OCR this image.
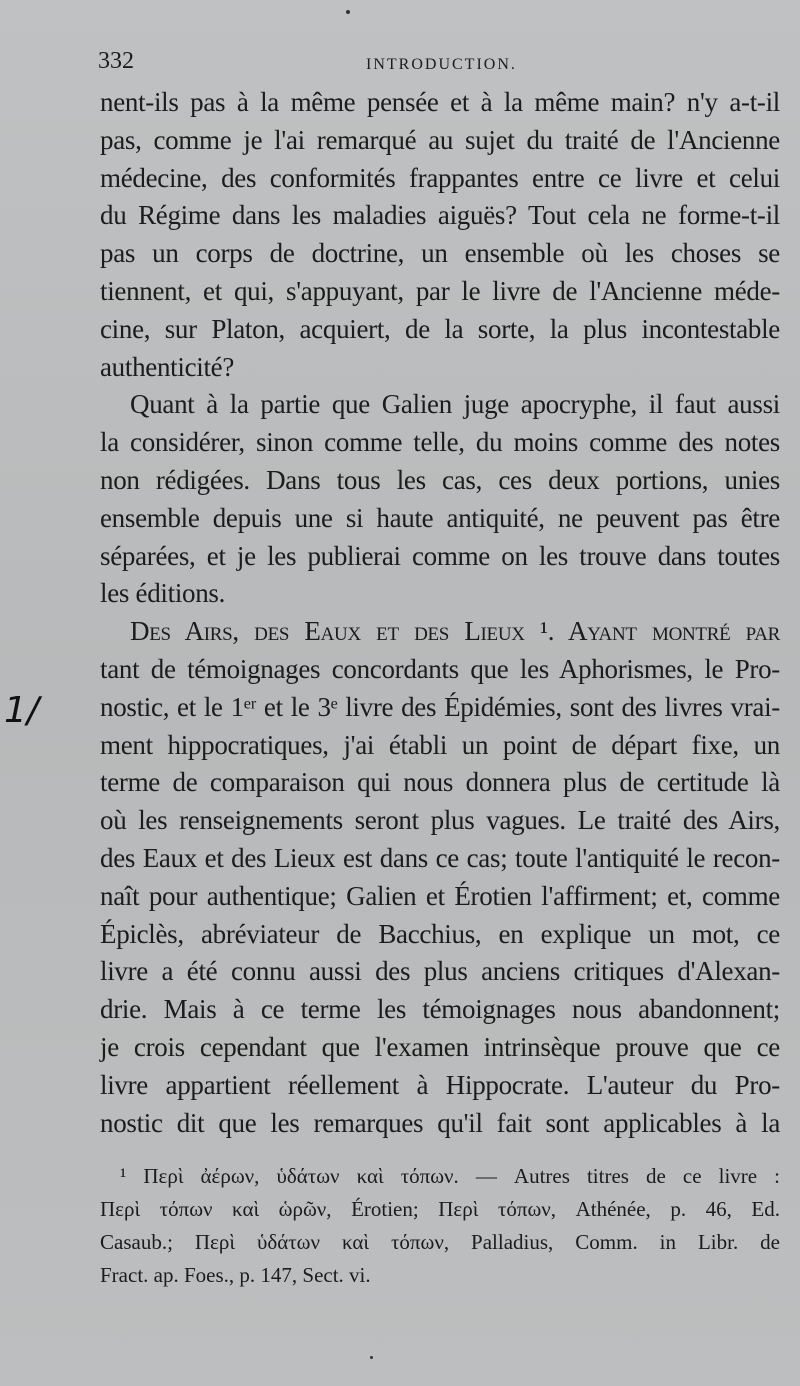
332	INTRODUCTION.
1/
nent-ils pas à la même pensée et à la même main? n'y a-t-il
pas, comme je l'ai remarqué au sujet du traité de l'Ancienne
médecine, des conformités frappantes entre ce livre et celui
du Régime dans les maladies aiguës? Tout cela ne forme-t-il
pas un corps de doctrine, un ensemble où les choses se
tiennent, et qui, s'appuyant, par le livre de l'Ancienne méde-
cine, sur Platon, acquiert, de la sorte, la plus incontestable
authenticité?
Quant à la partie que Galien juge apocryphe, il faut aussi
la considérer, sinon comme telle, du moins comme des notes
non rédigées. Dans tous les cas, ces deux portions, unies
ensemble depuis une si haute antiquité, ne peuvent pas être
séparées, et je les publierai comme on les trouve dans toutes
les éditions.
Des Airs, des Eaux et des Lieux ¹. Ayant montré par
tant de témoignages concordants que les Aphorismes, le Pro-
nostic, et le 1ᵉʳ et le 3ᵉ livre des Épidémies, sont des livres vrai-
ment hippocratiques, j'ai établi un point de départ fixe, un
terme de comparaison qui nous donnera plus de certitude là
où les renseignements seront plus vagues. Le traité des Airs,
des Eaux et des Lieux est dans ce cas; toute l'antiquité le recon-
naît pour authentique; Galien et Érotien l'affirment; et, comme
Épiclès, abréviateur de Bacchius, en explique un mot, ce
livre a été connu aussi des plus anciens critiques d'Alexan-
drie. Mais à ce terme les témoignages nous abandonnent;
je crois cependant que l'examen intrinsèque prouve que ce
livre appartient réellement à Hippocrate. L'auteur du Pro-
nostic dit que les remarques qu'il fait sont applicables à la
¹ Περὶ ἀέρων, ὑδάτων καὶ τόπων. — Autres titres de ce livre :
Περὶ τόπων καὶ ὡρῶν, Érotien; Περὶ τόπων, Athénée, p. 46, Ed.
Casaub.; Περὶ ὑδάτων καὶ τόπων, Palladius, Comm. in Libr. de
Fract. ap. Foes., p. 147, Sect. vi.
